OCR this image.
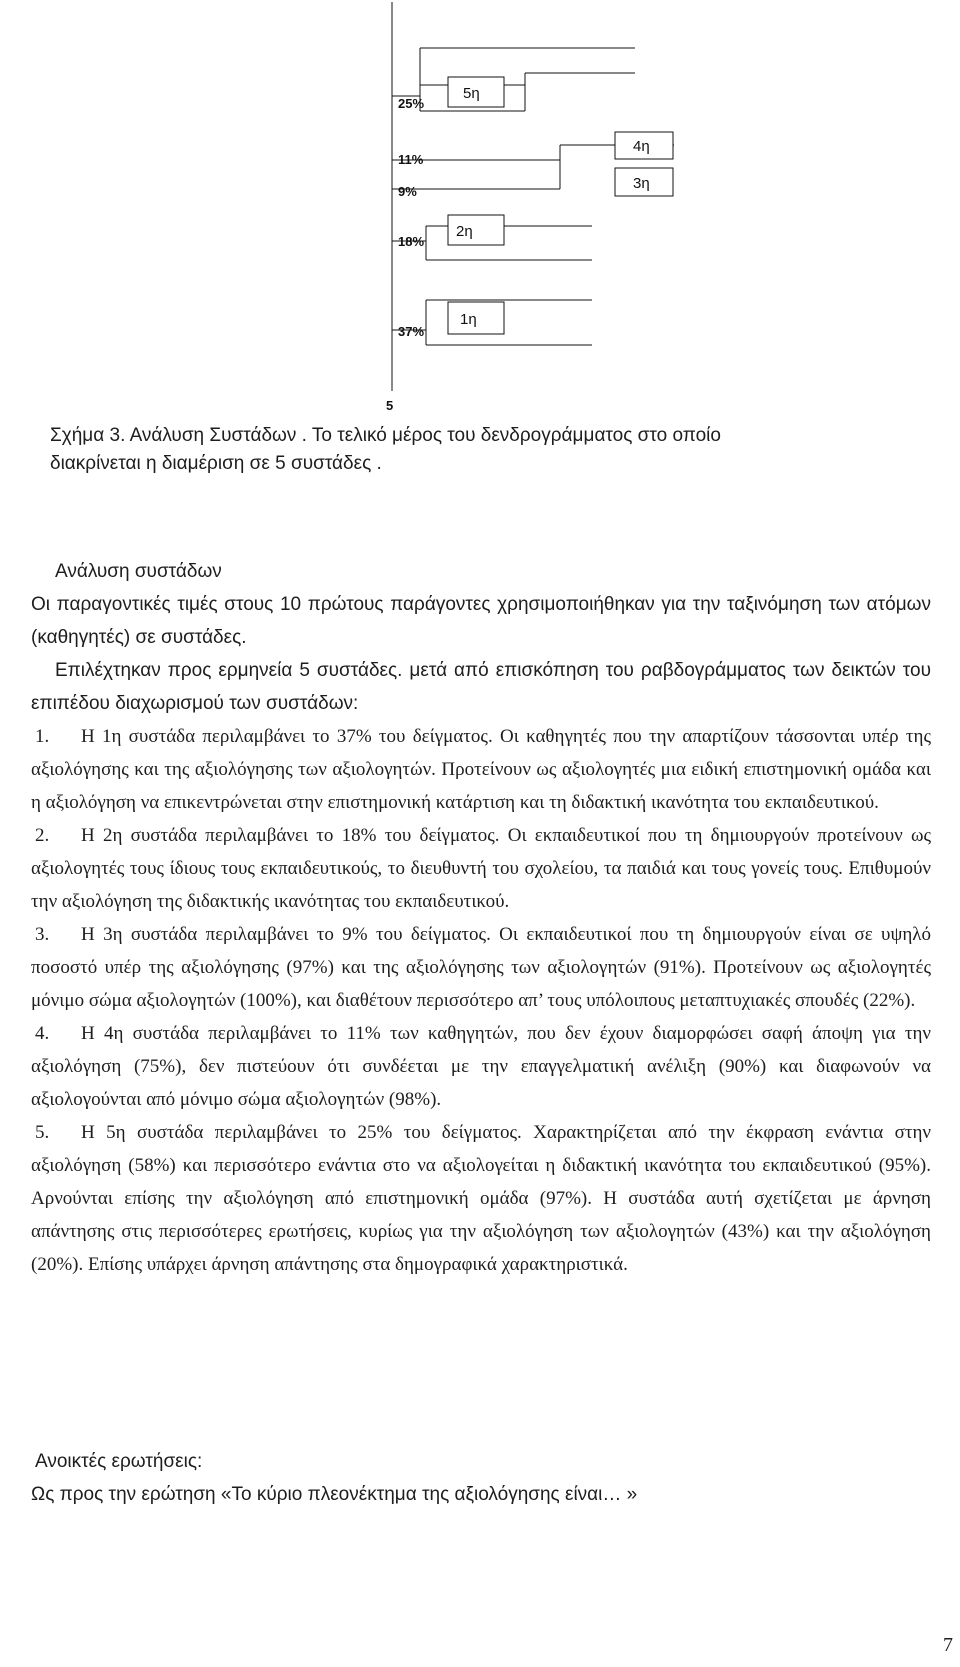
5η
4η
3η
2η
1η
25%
11%
9%
18%
37%
5
Σχήμα 3. Ανάλυση Συστάδων . Το τελικό μέρος του δενδρογράμματος στο οποίο
διακρίνεται η διαμέριση σε 5 συστάδες .

Ανάλυση συστάδων

Οι παραγοντικές τιμές στους 10 πρώτους παράγοντες χρησιμοποιήθηκαν για την ταξινόμηση των ατόμων (καθηγητές) σε συστάδες.

Επιλέχτηκαν προς ερμηνεία 5 συστάδες. μετά από επισκόπηση του ραβδογράμματος των δεικτών του επιπέδου διαχωρισμού των συστάδων:

1. Η 1η συστάδα περιλαμβάνει το 37% του δείγματος. Οι καθηγητές που την απαρτίζουν τάσσονται υπέρ της αξιολόγησης και της αξιολόγησης των αξιολογητών. Προτείνουν ως αξιολογητές μια ειδική επιστημονική ομάδα και η αξιολόγηση να επικεντρώνεται στην επιστημονική κατάρτιση και τη διδακτική ικανότητα του εκπαιδευτικού.

2. Η 2η συστάδα περιλαμβάνει το 18% του δείγματος. Οι εκπαιδευτικοί που τη δημιουργούν προτείνουν ως αξιολογητές τους ίδιους τους εκπαιδευτικούς, το διευθυντή του σχολείου, τα παιδιά και τους γονείς τους. Επιθυμούν την αξιολόγηση της διδακτικής ικανότητας του εκπαιδευτικού.

3. Η 3η συστάδα περιλαμβάνει το 9% του δείγματος. Οι εκπαιδευτικοί που τη δημιουργούν είναι σε υψηλό ποσοστό υπέρ της αξιολόγησης (97%) και της αξιολόγησης των αξιολογητών (91%). Προτείνουν ως αξιολογητές μόνιμο σώμα αξιολογητών (100%), και διαθέτουν περισσότερο απ’ τους υπόλοιπους μεταπτυχιακές σπουδές (22%).

4. Η 4η συστάδα περιλαμβάνει το 11% των καθηγητών, που δεν έχουν διαμορφώσει σαφή άποψη για την αξιολόγηση (75%), δεν πιστεύουν ότι συνδέεται με την επαγγελματική ανέλιξη (90%) και διαφωνούν να αξιολογούνται από μόνιμο σώμα αξιολογητών (98%).

5. Η 5η συστάδα περιλαμβάνει το 25% του δείγματος. Χαρακτηρίζεται από την έκφραση ενάντια στην αξιολόγηση (58%) και περισσότερο ενάντια στο να αξιολογείται η διδακτική ικανότητα του εκπαιδευτικού (95%). Αρνούνται επίσης την αξιολόγηση από επιστημονική ομάδα (97%). Η συστάδα αυτή σχετίζεται με άρνηση απάντησης στις περισσότερες ερωτήσεις, κυρίως για την αξιολόγηση των αξιολογητών (43%) και την αξιολόγηση (20%). Επίσης υπάρχει άρνηση απάντησης στα δημογραφικά χαρακτηριστικά.

Ανοικτές ερωτήσεις:

Ως προς την ερώτηση «Το κύριο πλεονέκτημα της αξιολόγησης είναι… »

7
